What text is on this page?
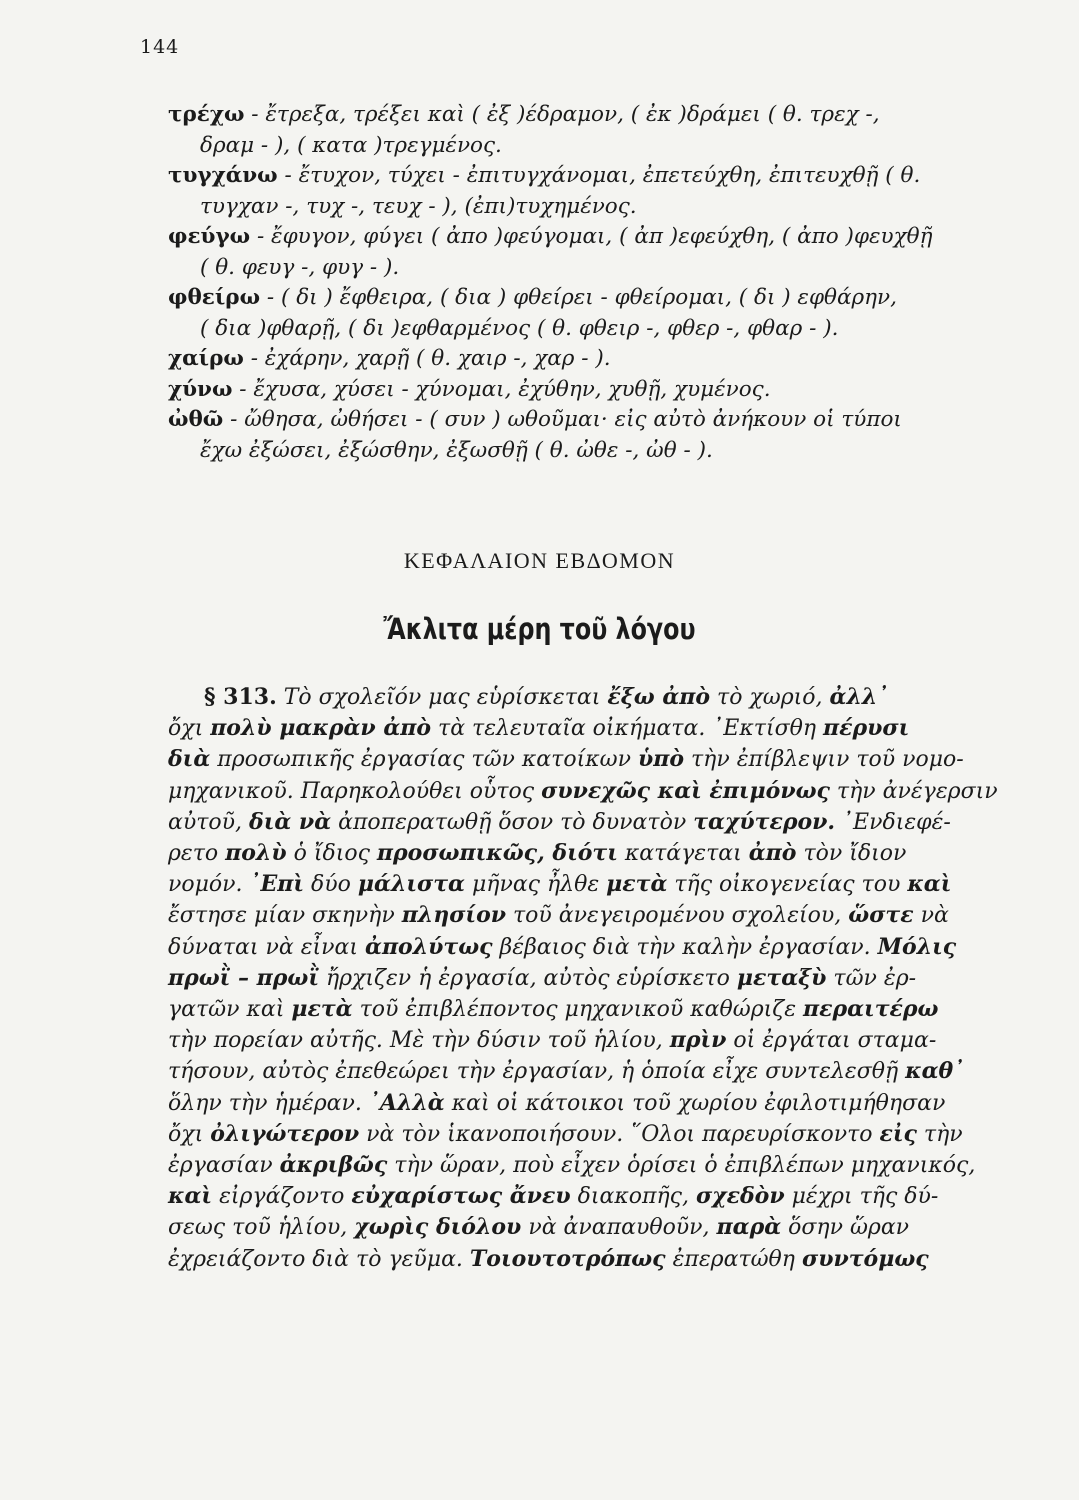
144
τρέχω - ἔτρεξα, τρέξει καὶ ( ἐξ )έδραμον, ( ἐκ )δράμει ( θ. τρεχ -,
δραμ - ), ( κατα )τρεγμένος.
τυγχάνω - ἔτυχον, τύχει - ἐπιτυγχάνομαι, ἐπετεύχθη, ἐπιτευχθῇ ( θ.
τυγχαν -, τυχ -, τευχ - ), (ἐπι)τυχημένος.
φεύγω - ἔφυγον, φύγει ( ἀπο )φεύγομαι, ( ἀπ )εφεύχθη, ( ἀπο )φευχθῇ
( θ. φευγ -, φυγ - ).
φθείρω - ( δι ) ἔφθειρα, ( δια ) φθείρει - φθείρομαι, ( δι ) εφθάρην,
( δια )φθαρῇ, ( δι )εφθαρμένος ( θ. φθειρ -, φθερ -, φθαρ - ).
χαίρω - ἐχάρην, χαρῇ ( θ. χαιρ -, χαρ - ).
χύνω - ἔχυσα, χύσει - χύνομαι, ἐχύθην, χυθῇ, χυμένος.
ὠθῶ - ὤθησα, ὠθήσει - ( συν ) ωθοῦμαι· εἰς αὐτὸ ἀνήκουν οἱ τύποι
ἔχω ἐξώσει, ἐξώσθην, ἐξωσθῇ ( θ. ὠθε -, ὠθ - ).
ΚΕΦΑΛΑΙΟΝ ΕΒΔΟΜΟΝ
Ἄκλιτα μέρη τοῦ λόγου
§ 313. Τὸ σχολεῖόν μας εὑρίσκεται ἔξω ἀπὸ τὸ χωριό, ἀλλ᾽
ὄχι πολὺ μακρὰν ἀπὸ τὰ τελευταῖα οἰκήματα. ᾽Εκτίσθη πέρυσι
διὰ προσωπικῆς ἐργασίας τῶν κατοίκων ὑπὸ τὴν ἐπίβλεψιν τοῦ νομο-
μηχανικοῦ. Παρηκολούθει οὗτος συνεχῶς καὶ ἐπιμόνως τὴν ἀνέγερσιν
αὐτοῦ, διὰ νὰ ἀποπερατωθῇ ὅσον τὸ δυνατὸν ταχύτερον. ᾽Ενδιεφέ-
ρετο πολὺ ὁ ἴδιος προσωπικῶς, διότι κατάγεται ἀπὸ τὸν ἴδιον
νομόν. ᾽Επὶ δύο μάλιστα μῆνας ἦλθε μετὰ τῆς οἰκογενείας του καὶ
ἔστησε μίαν σκηνὴν πλησίον τοῦ ἀνεγειρομένου σχολείου, ὥστε νὰ
δύναται νὰ εἶναι ἀπολύτως βέβαιος διὰ τὴν καλὴν ἐργασίαν. Μόλις
πρωῒ – πρωῒ ἤρχιζεν ἡ ἐργασία, αὐτὸς εὑρίσκετο μεταξὺ τῶν ἐρ-
γατῶν καὶ μετὰ τοῦ ἐπιβλέποντος μηχανικοῦ καθώριζε περαιτέρω
τὴν πορείαν αὐτῆς. Μὲ τὴν δύσιν τοῦ ἡλίου, πρὶν οἱ ἐργάται σταμα-
τήσουν, αὐτὸς ἐπεθεώρει τὴν ἐργασίαν, ἡ ὁποία εἶχε συντελεσθῇ καθ᾽
ὅλην τὴν ἡμέραν. ᾽Αλλὰ καὶ οἱ κάτοικοι τοῦ χωρίου ἐφιλοτιμήθησαν
ὄχι ὀλιγώτερον νὰ τὸν ἱκανοποιήσουν. ῞Ολοι παρευρίσκοντο εἰς τὴν
ἐργασίαν ἀκριβῶς τὴν ὥραν, ποὺ εἶχεν ὁρίσει ὁ ἐπιβλέπων μηχανικός,
καὶ εἰργάζοντο εὐχαρίστως ἄνευ διακοπῆς, σχεδὸν μέχρι τῆς δύ-
σεως τοῦ ἡλίου, χωρὶς διόλου νὰ ἀναπαυθοῦν, παρὰ ὅσην ὥραν
ἐχρειάζοντο διὰ τὸ γεῦμα. Τοιουτοτρόπως ἐπερατώθη συντόμως
